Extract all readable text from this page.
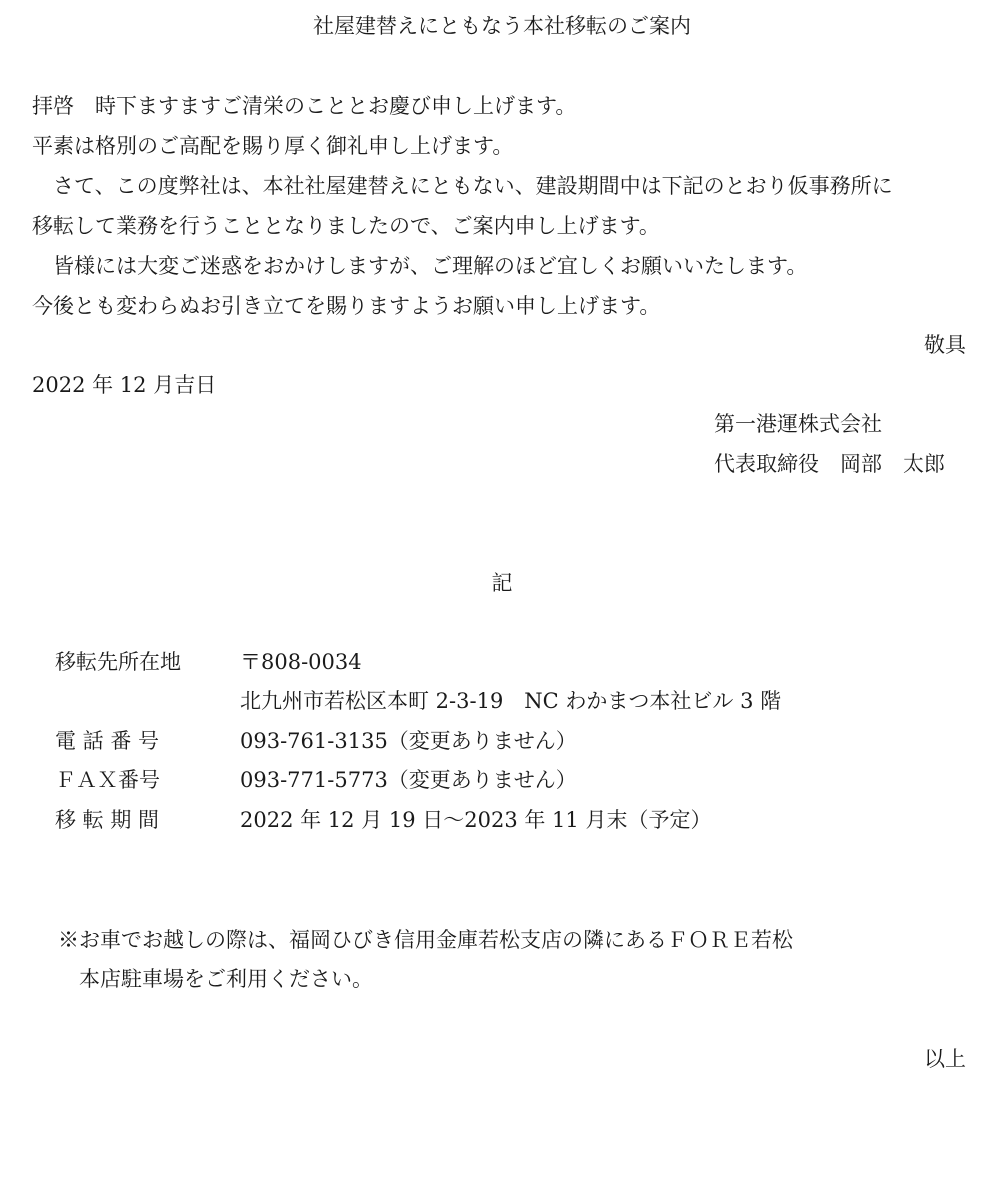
社屋建替えにともなう本社移転のご案内
拝啓　時下ますますご清栄のこととお慶び申し上げます。
平素は格別のご高配を賜り厚く御礼申し上げます。
　さて、この度弊社は、本社社屋建替えにともない、建設期間中は下記のとおり仮事務所に
移転して業務を行うこととなりましたので、ご案内申し上げます。
　皆様には大変ご迷惑をおかけしますが、ご理解のほど宜しくお願いいたします。
今後とも変わらぬお引き立てを賜りますようお願い申し上げます。
敬具
2022 年 12 月吉日
第一港運株式会社
代表取締役　岡部　太郎
記
移転先所在地	〒808-0034
北九州市若松区本町 2-3-19　NC わかまつ本社ビル 3 階
電 話 番 号	093-761-3135（変更ありません）
ＦＡＸ番号	093-771-5773（変更ありません）
移 転 期 間	2022 年 12 月 19 日～2023 年 11 月末（予定）
※お車でお越しの際は、福岡ひびき信用金庫若松支店の隣にあるＦＯＲＥ若松
　本店駐車場をご利用ください。
以上
